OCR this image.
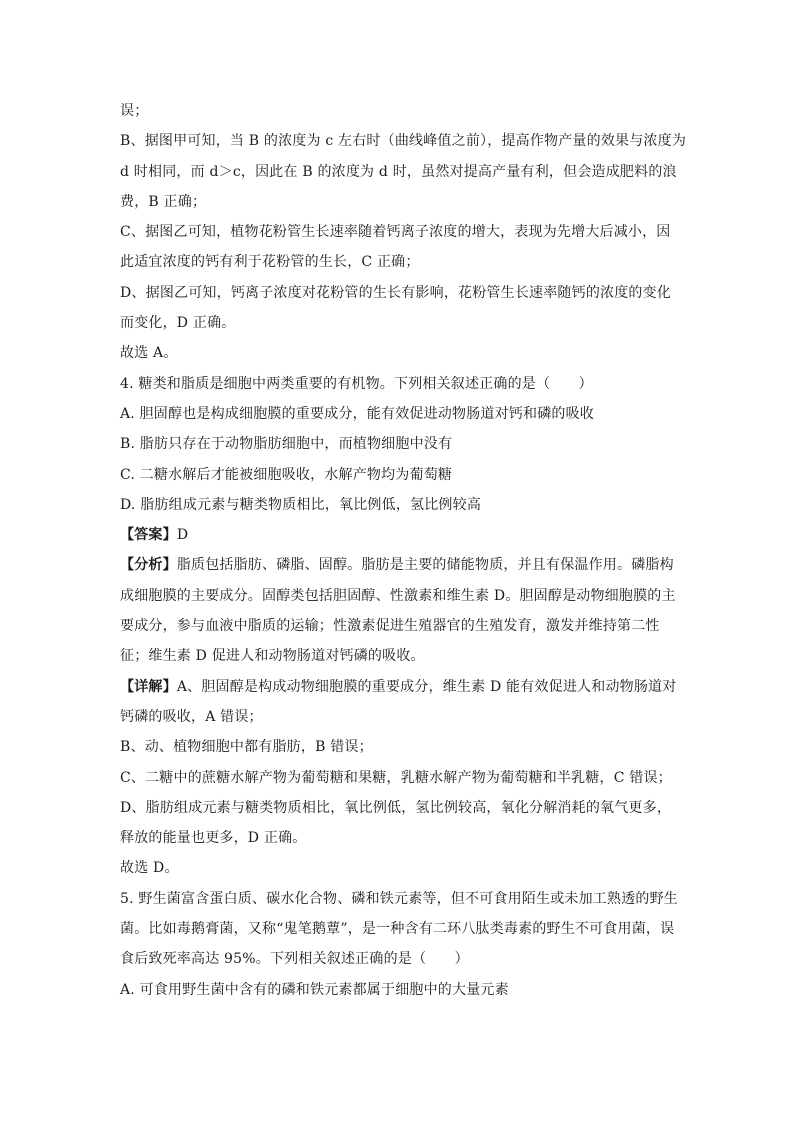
误；
B、据图甲可知，当 B 的浓度为 c 左右时（曲线峰值之前），提高作物产量的效果与浓度为
d 时相同，而 d＞c，因此在 B 的浓度为 d 时，虽然对提高产量有利，但会造成肥料的浪
费，B 正确；
C、据图乙可知，植物花粉管生长速率随着钙离子浓度的增大，表现为先增大后减小，因
此适宜浓度的钙有利于花粉管的生长，C 正确；
D、据图乙可知，钙离子浓度对花粉管的生长有影响，花粉管生长速率随钙的浓度的变化
而变化，D 正确。
故选 A。
4. 糖类和脂质是细胞中两类重要的有机物。下列相关叙述正确的是（　　）
A. 胆固醇也是构成细胞膜的重要成分，能有效促进动物肠道对钙和磷的吸收
B. 脂肪只存在于动物脂肪细胞中，而植物细胞中没有
C. 二糖水解后才能被细胞吸收，水解产物均为葡萄糖
D. 脂肪组成元素与糖类物质相比，氧比例低，氢比例较高
【答案】D
【分析】脂质包括脂肪、磷脂、固醇。脂肪是主要的储能物质，并且有保温作用。磷脂构
成细胞膜的主要成分。固醇类包括胆固醇、性激素和维生素 D。胆固醇是动物细胞膜的主
要成分，参与血液中脂质的运输；性激素促进生殖器官的生殖发育，激发并维持第二性
征；维生素 D 促进人和动物肠道对钙磷的吸收。
【详解】A、胆固醇是构成动物细胞膜的重要成分，维生素 D 能有效促进人和动物肠道对
钙磷的吸收，A 错误；
B、动、植物细胞中都有脂肪，B 错误；
C、二糖中的蔗糖水解产物为葡萄糖和果糖，乳糖水解产物为葡萄糖和半乳糖，C 错误；
D、脂肪组成元素与糖类物质相比，氧比例低，氢比例较高，氧化分解消耗的氧气更多，
释放的能量也更多，D 正确。
故选 D。
5. 野生菌富含蛋白质、碳水化合物、磷和铁元素等，但不可食用陌生或未加工熟透的野生
菌。比如毒鹅膏菌，又称“鬼笔鹅蕈”，是一种含有二环八肽类毒素的野生不可食用菌，误
食后致死率高达 95%。下列相关叙述正确的是（　　）
A. 可食用野生菌中含有的磷和铁元素都属于细胞中的大量元素
